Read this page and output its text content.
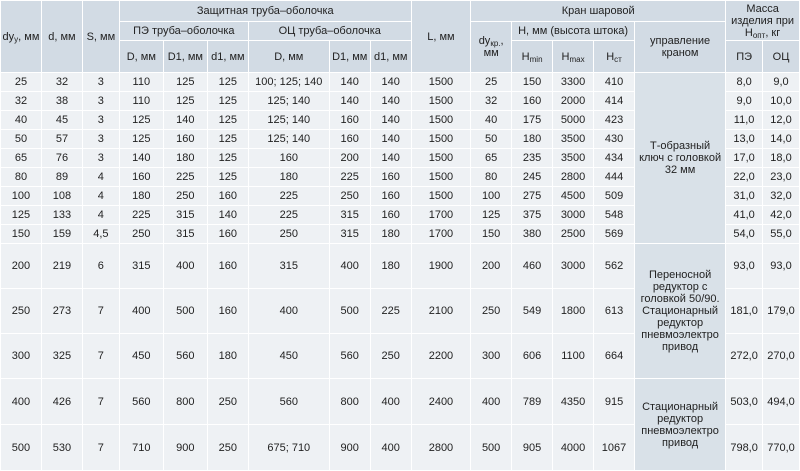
$dy_у$, мм	d, мм	S, мм	Защитная труба–оболочка						L, мм	Кран шаровой					Масса изделия при $Н_{опт}$, кг	
			ПЭ труба–оболочка			ОЦ труба–оболочка				$dy_{кр.}$, мм	Н, мм (высота штока)			управление краном		
			D, мм	D1, мм	d1, мм	D, мм	D1, мм	d1, мм			$H_{min}$	$H_{max}$	$H_{ст}$		ПЭ	ОЦ
25	32	3	110	125	125	100; 125; 140	140	140	1500	25	150	3300	410	Т-образный ключ с головкой 32 мм	8,0	9,0
32	38	3	110	125	125	125; 140	140	140	1500	32	160	2000	414		9,0	10,0
40	45	3	125	140	125	125; 140	160	140	1500	40	175	5000	423		11,0	12,0
50	57	3	125	160	125	125; 140	160	140	1500	50	180	3500	430		13,0	14,0
65	76	3	140	180	125	160	200	140	1500	65	235	3500	434		17,0	18,0
80	89	4	160	225	125	180	225	160	1500	80	245	2800	444		22,0	23,0
100	108	4	180	250	160	225	250	160	1500	100	275	4500	509		31,0	32,0
125	133	4	225	315	140	225	315	160	1700	125	375	3000	548		41,0	42,0
150	159	4,5	250	315	160	250	315	180	1700	150	380	2500	569		54,0	55,0
200	219	6	315	400	160	315	400	180	1900	200	460	3000	562	Переносной редуктор с головкой 50/90. Стационарный редуктор пневмоэлектро привод	93,0	93,0
250	273	7	400	500	160	400	500	225	2100	250	549	1800	613		181,0	179,0
300	325	7	450	560	180	450	560	250	2200	300	606	1100	664		272,0	270,0
400	426	7	560	800	250	560	800	400	2400	400	789	4350	915	Стационарный редуктор пневмоэлектро привод	503,0	494,0
500	530	7	710	900	250	675; 710	900	400	2800	500	905	4000	1067		798,0	770,0
